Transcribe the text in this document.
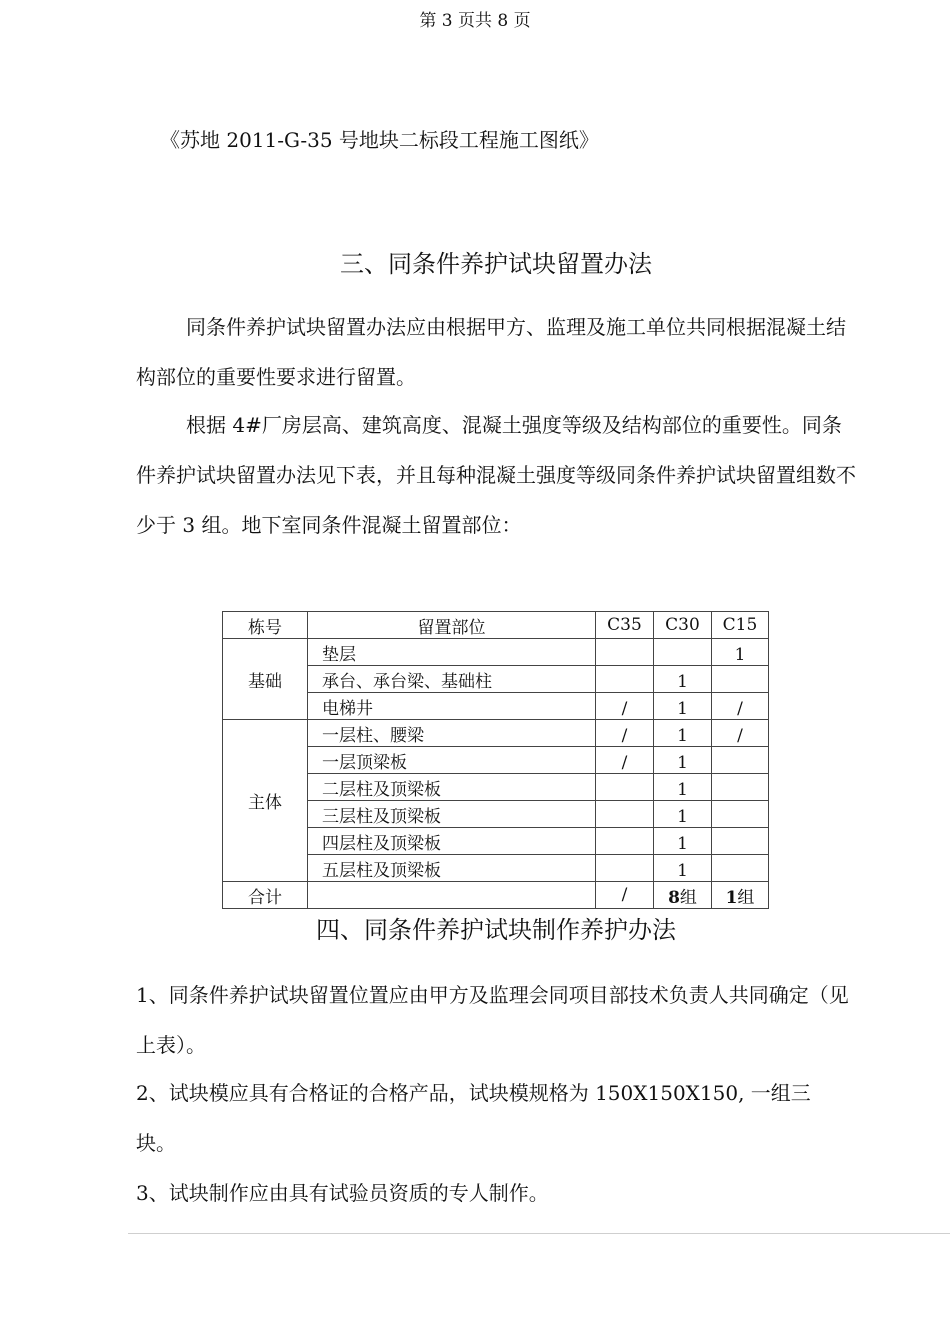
第 3 页共 8 页
《苏地 2011-G-35 号地块二标段工程施工图纸》
三、同条件养护试块留置办法

同条件养护试块留置办法应由根据甲方、监理及施工单位共同根据混凝土结构部位的重要性要求进行留置。

根据 4#厂房层高、建筑高度、混凝土强度等级及结构部位的重要性。同条件养护试块留置办法见下表，并且每种混凝土强度等级同条件养护试块留置组数不少于 3 组。地下室同条件混凝土留置部位：

栋号	留置部位	C35	C30	C15
基础	垫层			1
	承台、承台梁、基础柱		1	
	电梯井	/	1	/
主体	一层柱、腰梁	/	1	/
	一层顶梁板	/	1	
	二层柱及顶梁板		1	
	三层柱及顶梁板		1	
	四层柱及顶梁板		1	
	五层柱及顶梁板		1	
合计		/	8组	1组
四、同条件养护试块制作养护办法

1、同条件养护试块留置位置应由甲方及监理会同项目部技术负责人共同确定（见上表）。

2、试块模应具有合格证的合格产品，试块模规格为 150X150X150, 一组三块。

3、试块制作应由具有试验员资质的专人制作。
